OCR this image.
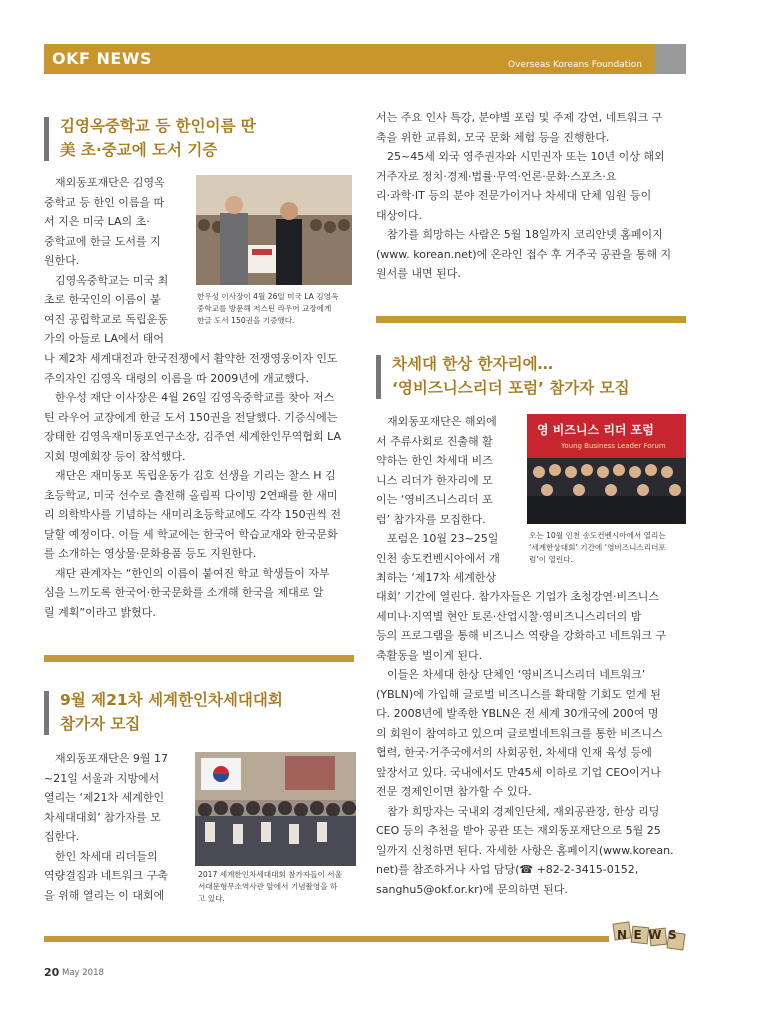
OKF NEWS	Overseas Koreans Foundation
김영옥중학교 등 한인이름 딴
美 초·중교에 도서 기증
재외동포재단은 김영옥
중학교 등 한인 이름을 따
서 지은 미국 LA의 초·
중학교에 한글 도서를 지
원한다.
김영옥중학교는 미국 최
초로 한국인의 이름이 붙
여진 공립학교로 독립운동
가의 아들로 LA에서 태어
한우성 이사장이 4월 26일 미국 LA 김영옥
중학교를 방문해 저스틴 라우어 교장에게
한글 도서 150권을 기증했다.
나 제2차 세계대전과 한국전쟁에서 활약한 전쟁영웅이자 인도
주의자인 김영옥 대령의 이름을 따 2009년에 개교했다.
한우성 재단 이사장은 4월 26일 김영옥중학교를 찾아 저스
틴 라우어 교장에게 한글 도서 150권을 전달했다. 기증식에는
장태한 김영옥재미동포연구소장, 김주연 세계한인무역협회 LA
지회 명예회장 등이 참석했다.
재단은 재미동포 독립운동가 김호 선생을 기리는 찰스 H 김
초등학교, 미국 선수로 출전해 올림픽 다이빙 2연패를 한 새미
리 의학박사를 기념하는 새미리초등학교에도 각각 150권씩 전
달할 예정이다. 이들 세 학교에는 한국어 학습교재와 한국문화
를 소개하는 영상물·문화용품 등도 지원한다.
재단 관계자는 “한인의 이름이 붙여진 학교 학생들이 자부
심을 느끼도록 한국어·한국문화를 소개해 한국을 제대로 알
릴 계획”이라고 밝혔다.
9월 제21차 세계한인차세대대회
참가자 모집
재외동포재단은 9월 17
~21일 서울과 지방에서
열리는 ‘제21차 세계한인
차세대대회’ 참가자를 모
집한다.
한인 차세대 리더들의
역량결집과 네트워크 구축
을 위해 열리는 이 대회에
2017 세계한인차세대대회 참가자들이 서울
서대문형무소역사관 앞에서 기념촬영을 하
고 있다.
서는 주요 인사 특강, 분야별 포럼 및 주제 강연, 네트워크 구
축을 위한 교류회, 모국 문화 체험 등을 진행한다.
25~45세 외국 영주권자와 시민권자 또는 10년 이상 해외
거주자로 정치·경제·법률·무역·언론·문화·스포츠·요
리·과학·IT 등의 분야 전문가이거나 차세대 단체 임원 등이
대상이다.
참가를 희망하는 사람은 5월 18일까지 코리안넷 홈페이지
(www. korean.net)에 온라인 접수 후 거주국 공관을 통해 지
원서를 내면 된다.
차세대 한상 한자리에…
‘영비즈니스리더 포럼’ 참가자 모집
재외동포재단은 해외에
서 주류사회로 진출해 활
약하는 한인 차세대 비즈
니스 리더가 한자리에 모
이는 ‘영비즈니스리더 포
럼’ 참가자를 모집한다.
포럼은 10월 23~25일
인천 송도컨벤시아에서 개
최하는 ‘제17차 세계한상
영 비즈니스 리더 포럼
Young Business Leader Forum
오는 10월 인천 송도컨벤시아에서 열리는
‘세계한상대회’ 기간에 ‘영비즈니스리더포
럼’이 열린다.
대회’ 기간에 열린다. 참가자들은 기업가 초청강연·비즈니스
세미나·지역별 현안 토론·산업시찰·영비즈니스리더의 밤
등의 프로그램을 통해 비즈니스 역량을 강화하고 네트워크 구
축활동을 벌이게 된다.
이들은 차세대 한상 단체인 ‘영비즈니스리더 네트워크’
(YBLN)에 가입해 글로벌 비즈니스를 확대할 기회도 얻게 된
다. 2008년에 발족한 YBLN은 전 세계 30개국에 200여 명
의 회원이 참여하고 있으며 글로벌네트워크를 통한 비즈니스
협력, 한국·거주국에서의 사회공헌, 차세대 인재 육성 등에
앞장서고 있다. 국내에서도 만45세 이하로 기업 CEO이거나
전문 경제인이면 참가할 수 있다.
참가 희망자는 국내외 경제인단체, 재외공관장, 한상 리딩
CEO 등의 추천을 받아 공관 또는 재외동포재단으로 5월 25
일까지 신청하면 된다. 자세한 사항은 홈페이지(www.korean.
net)를 참조하거나 사업 담당(☎ +82-2-3415-0152,
sanghu5@okf.or.kr)에 문의하면 된다.
NEWS
20 May 2018
